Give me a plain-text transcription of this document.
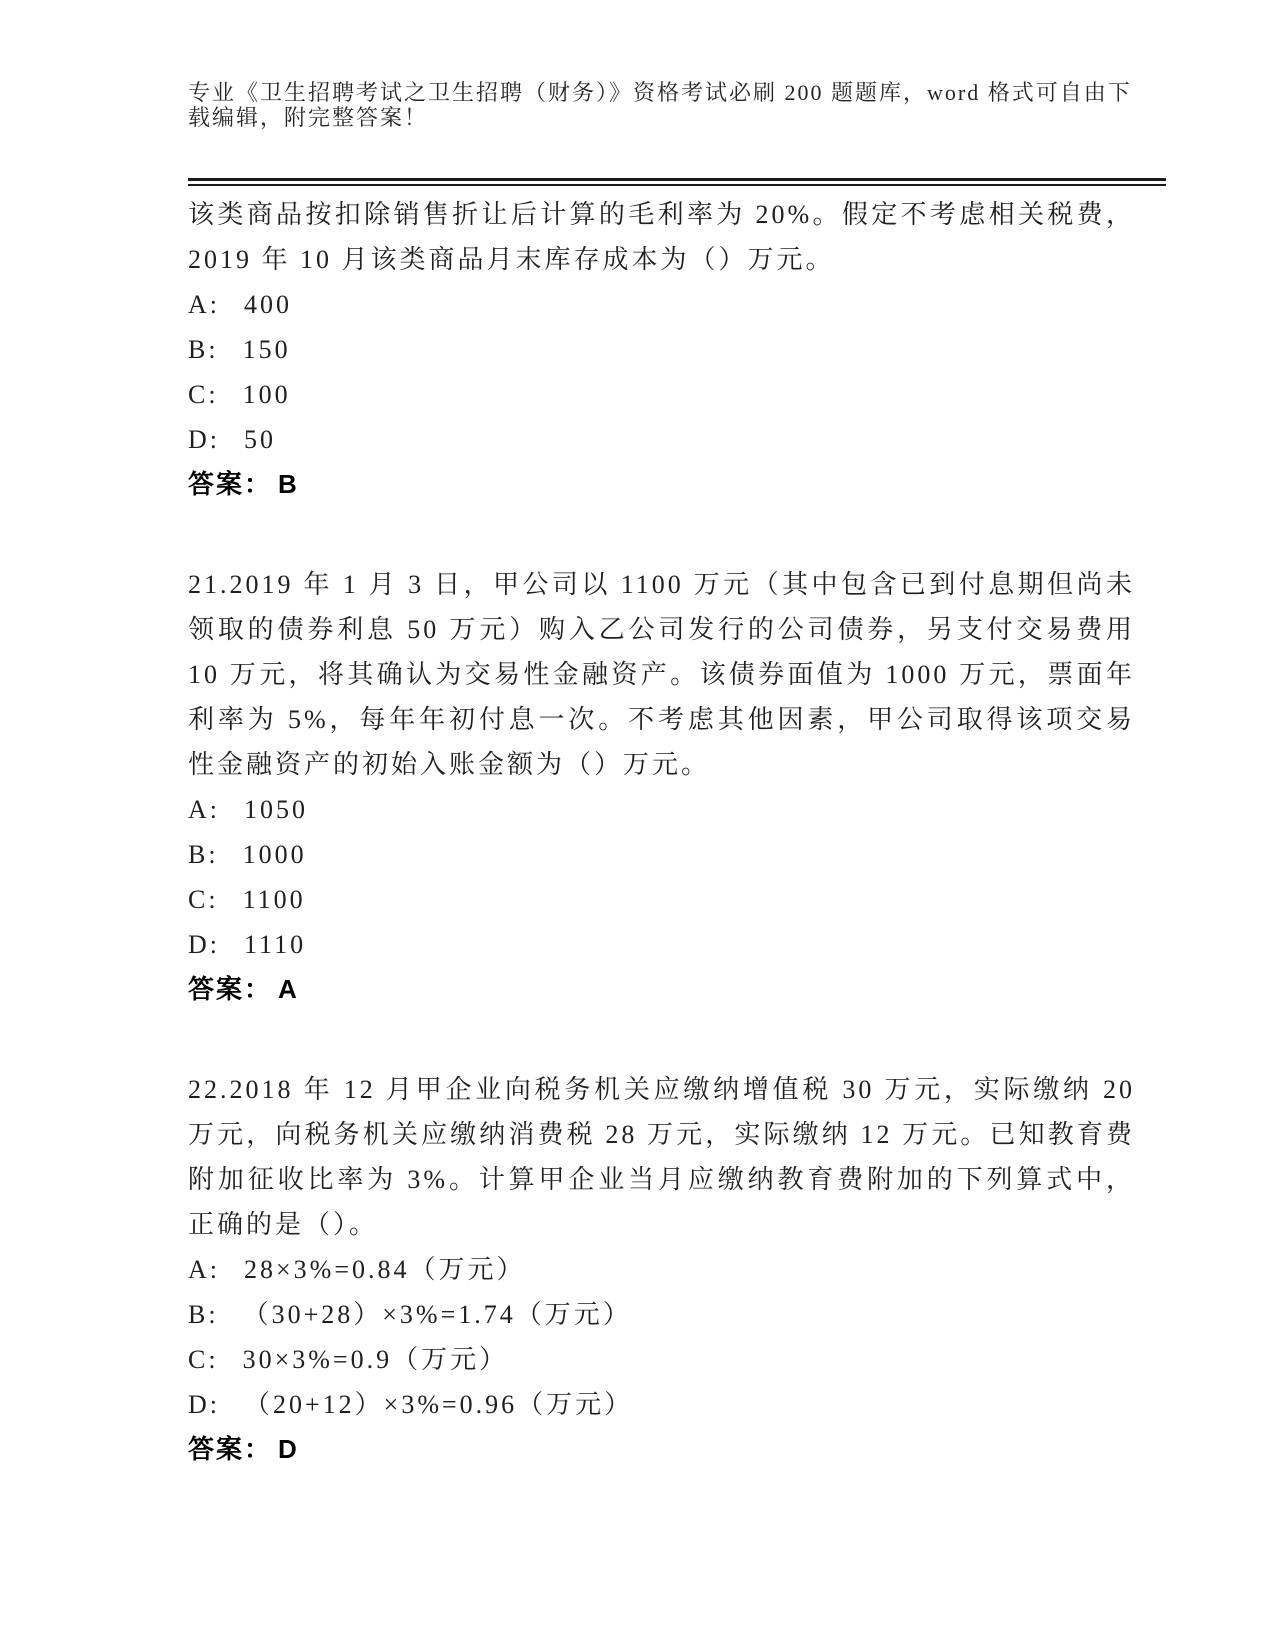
专业《卫生招聘考试之卫生招聘（财务）》资格考试必刷 200 题题库，word 格式可自由下载编辑，附完整答案！

该类商品按扣除销售折让后计算的毛利率为 20%。假定不考虑相关税费，2019 年 10 月该类商品月末库存成本为（）万元。

A: 400
B: 150
C: 100
D: 50
答案： B

21.2019 年 1 月 3 日，甲公司以 1100 万元（其中包含已到付息期但尚未领取的债券利息 50 万元）购入乙公司发行的公司债券，另支付交易费用 10 万元，将其确认为交易性金融资产。该债券面值为 1000 万元，票面年利率为 5%，每年年初付息一次。不考虑其他因素，甲公司取得该项交易性金融资产的初始入账金额为（）万元。

A: 1050
B: 1000
C: 1100
D: 1110
答案： A

22.2018 年 12 月甲企业向税务机关应缴纳增值税 30 万元，实际缴纳 20 万元，向税务机关应缴纳消费税 28 万元，实际缴纳 12 万元。已知教育费附加征收比率为 3%。计算甲企业当月应缴纳教育费附加的下列算式中，正确的是（）。

A: 28×3%=0.84（万元）
B: （30+28）×3%=1.74（万元）
C: 30×3%=0.9（万元）
D: （20+12）×3%=0.96（万元）
答案： D
